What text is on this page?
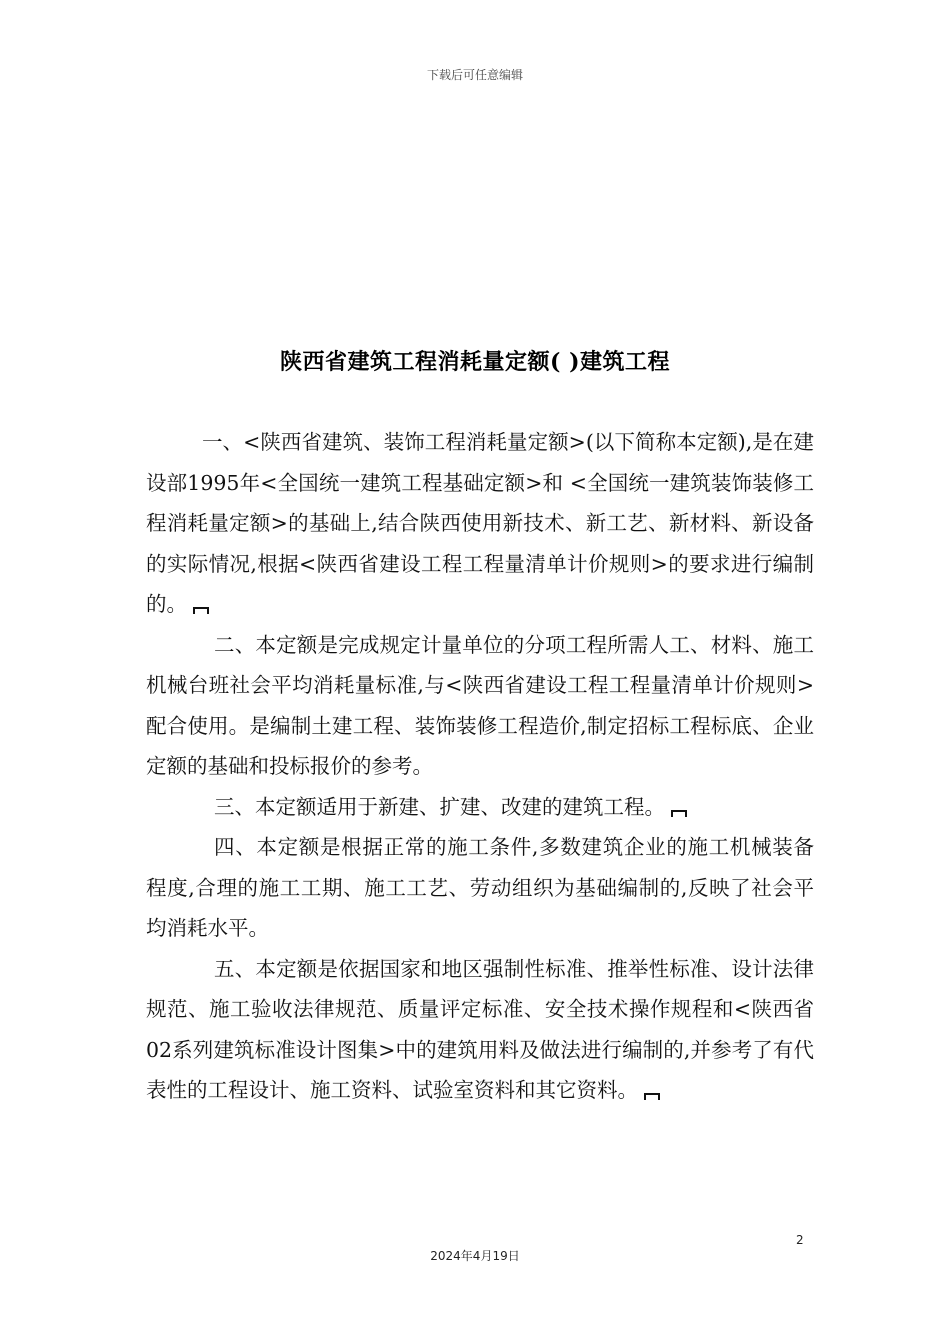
下载后可任意编辑
陕西省建筑工程消耗量定额( )建筑工程

一、<陕西省建筑、装饰工程消耗量定额>(以下简称本定额),是在建设部1995年<全国统一建筑工程基础定额>和 <全国统一建筑装饰装修工程消耗量定额>的基础上,结合陕西使用新技术、新工艺、新材料、新设备的实际情况,根据<陕西省建设工程工程量清单计价规则>的要求进行编制的。

二、本定额是完成规定计量单位的分项工程所需人工、材料、施工机械台班社会平均消耗量标准,与<陕西省建设工程工程量清单计价规则>配合使用。是编制土建工程、装饰装修工程造价,制定招标工程标底、企业定额的基础和投标报价的参考。

三、本定额适用于新建、扩建、改建的建筑工程。

四、本定额是根据正常的施工条件,多数建筑企业的施工机械装备程度,合理的施工工期、施工工艺、劳动组织为基础编制的,反映了社会平均消耗水平。

五、本定额是依据国家和地区强制性标准、推举性标准、设计法律规范、施工验收法律规范、质量评定标准、安全技术操作规程和<陕西省02系列建筑标准设计图集>中的建筑用料及做法进行编制的,并参考了有代表性的工程设计、施工资料、试验室资料和其它资料。

2
2024年4月19日
